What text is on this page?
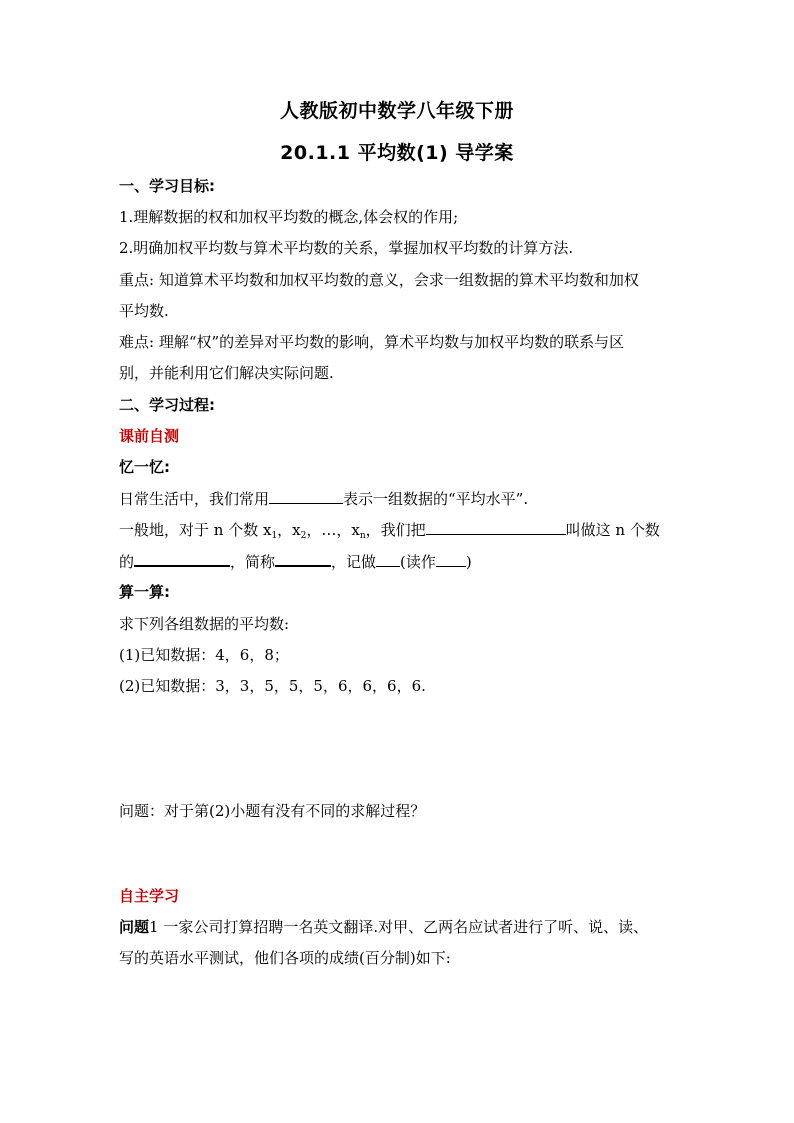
人教版初中数学八年级下册
20.1.1 平均数(1) 导学案
一、学习目标:
1.理解数据的权和加权平均数的概念,体会权的作用;
2.明确加权平均数与算术平均数的关系，掌握加权平均数的计算方法.
重点: 知道算术平均数和加权平均数的意义，会求一组数据的算术平均数和加权
平均数.
难点: 理解“权”的差异对平均数的影响，算术平均数与加权平均数的联系与区
别，并能利用它们解决实际问题.
二、学习过程:
课前自测
忆一忆:
日常生活中，我们常用	表示一组数据的“平均水平”.
一般地，对于 n 个数 $x_1$，$x_2$，…，$x_n$，我们把	叫做这 n 个数
的	，简称	，记做 (读作 )
算一算:
求下列各组数据的平均数:
(1)已知数据：4，6，8；
(2)已知数据：3，3，5，5，5，6，6，6，6.
问题：对于第(2)小题有没有不同的求解过程？
自主学习
问题1 一家公司打算招聘一名英文翻译.对甲、乙两名应试者进行了听、说、读、
写的英语水平测试，他们各项的成绩(百分制)如下:
